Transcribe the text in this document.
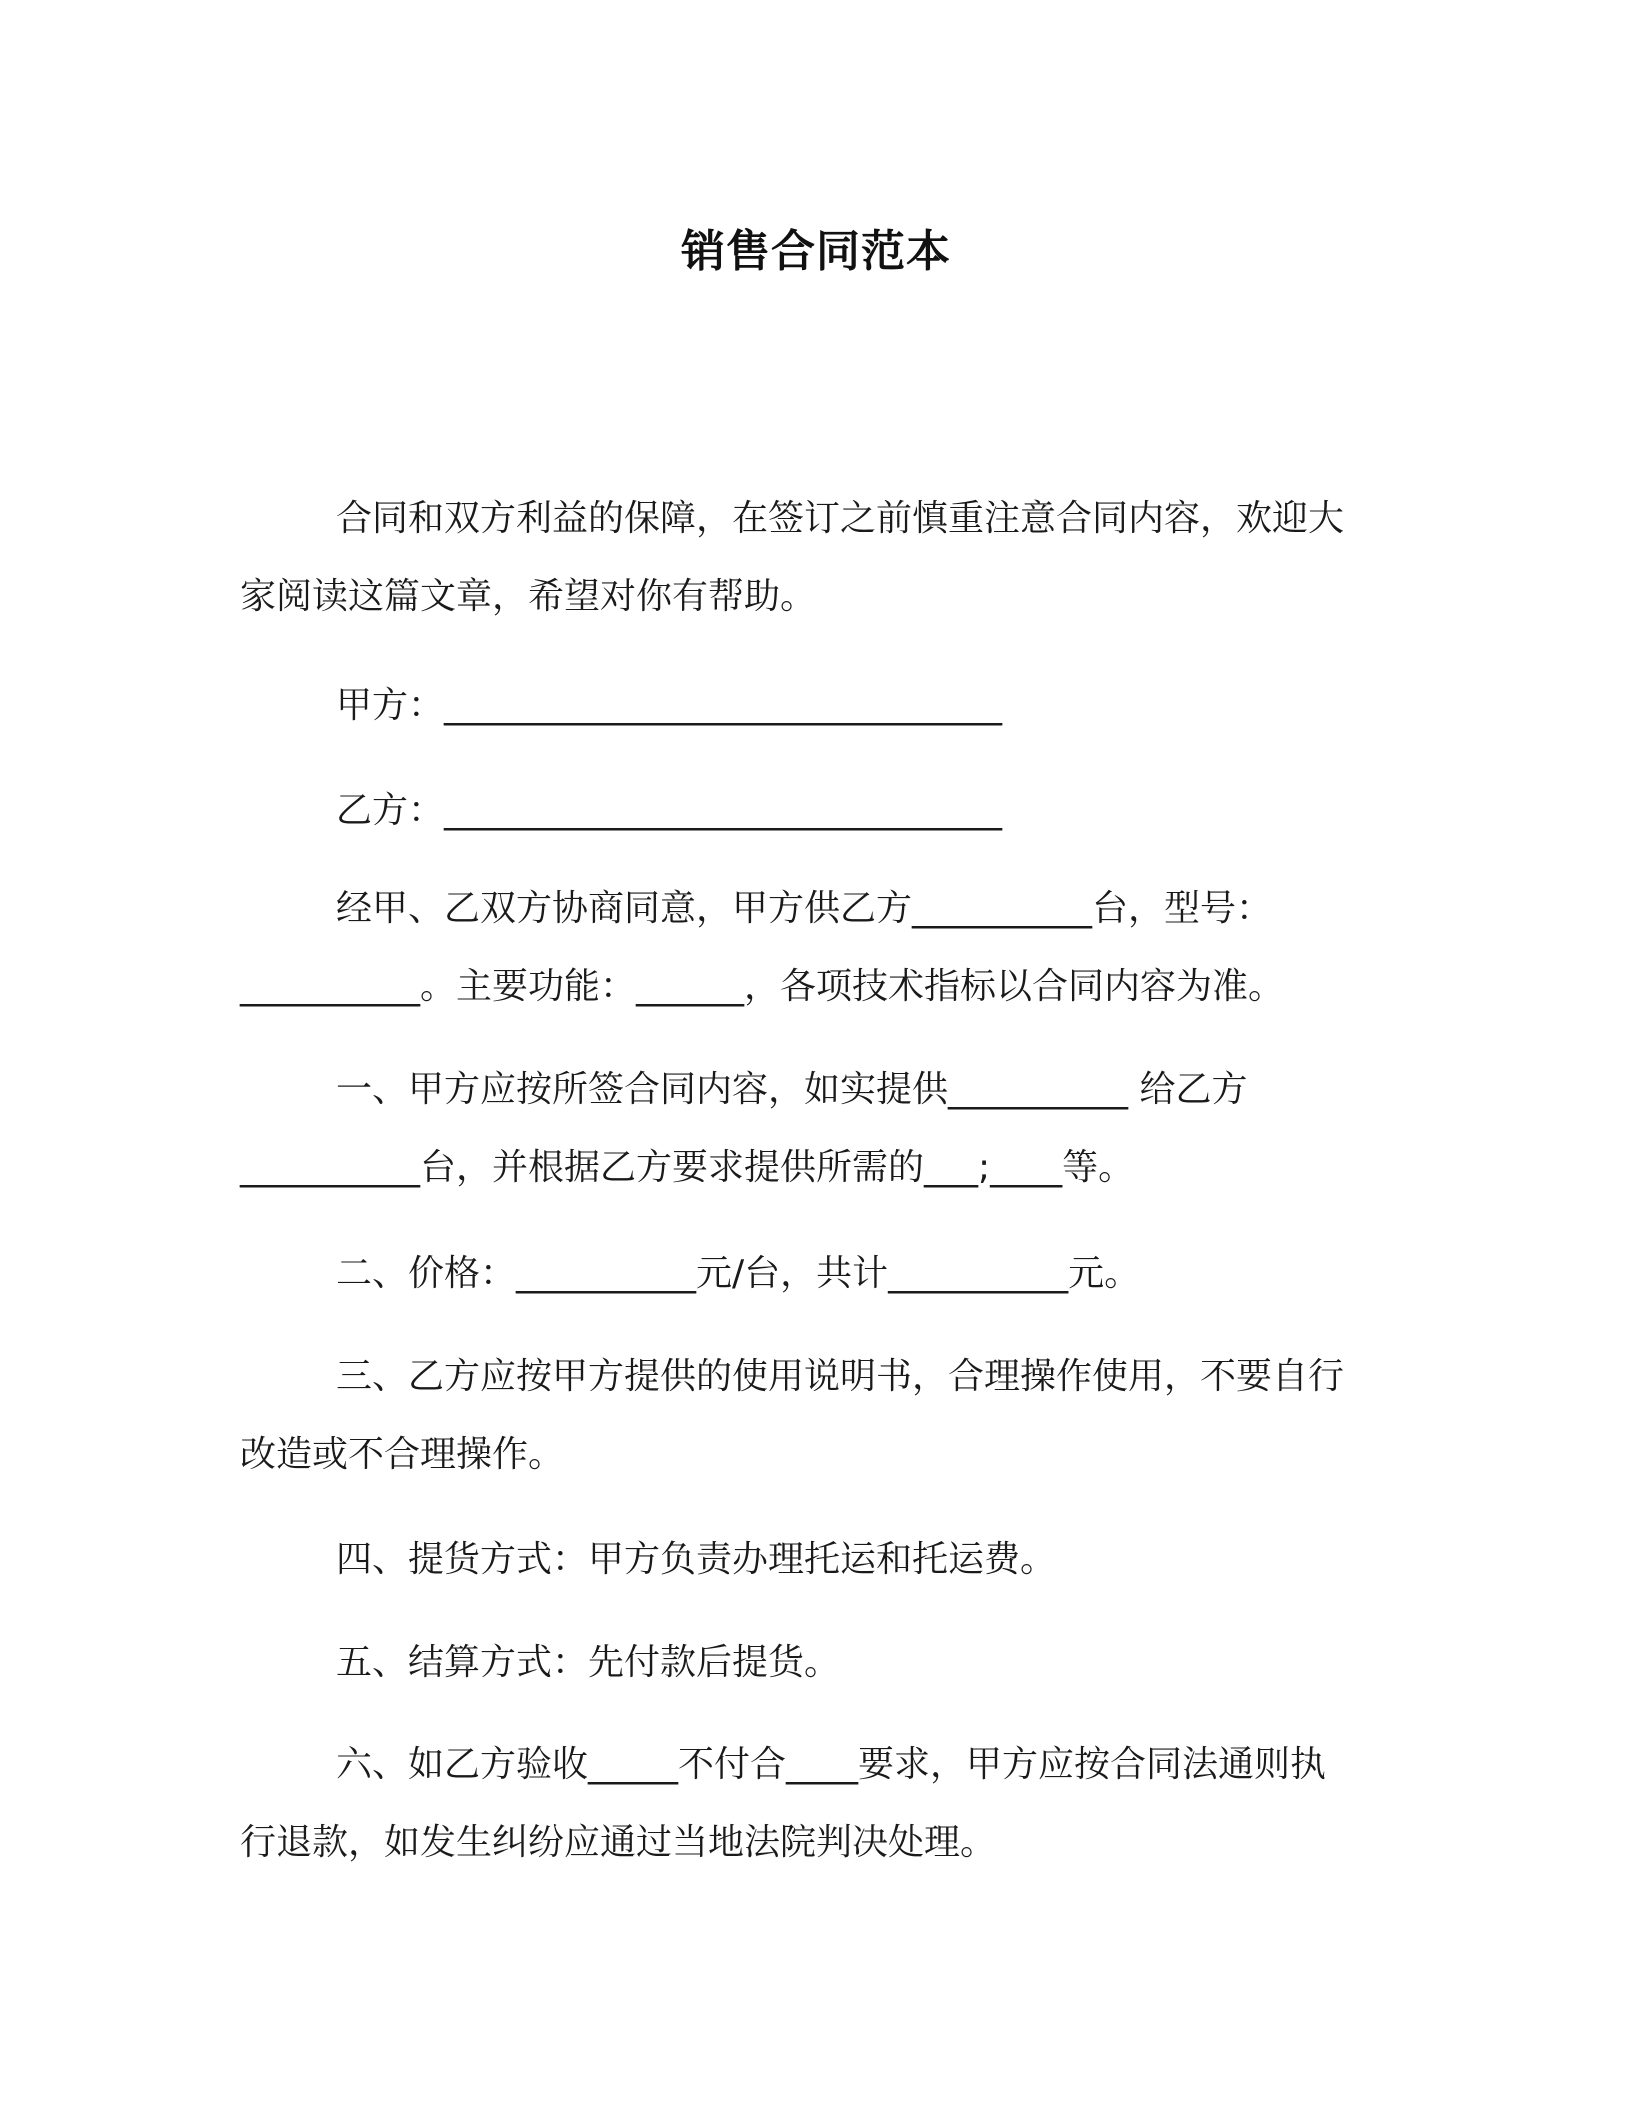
销售合同范本
合同和双方利益的保障，在签订之前慎重注意合同内容，欢迎大
家阅读这篇文章，希望对你有帮助。
甲方：_______________________________
乙方：_______________________________
经甲、乙双方协商同意，甲方供乙方__________台，型号：
__________。主要功能：______，各项技术指标以合同内容为准。
一、甲方应按所签合同内容，如实提供__________ 给乙方
__________台，并根据乙方要求提供所需的___;____等。
二、价格：__________元/台，共计__________元。
三、乙方应按甲方提供的使用说明书，合理操作使用，不要自行
改造或不合理操作。
四、提货方式：甲方负责办理托运和托运费。
五、结算方式：先付款后提货。
六、如乙方验收_____不付合____要求，甲方应按合同法通则执
行退款，如发生纠纷应通过当地法院判决处理。
